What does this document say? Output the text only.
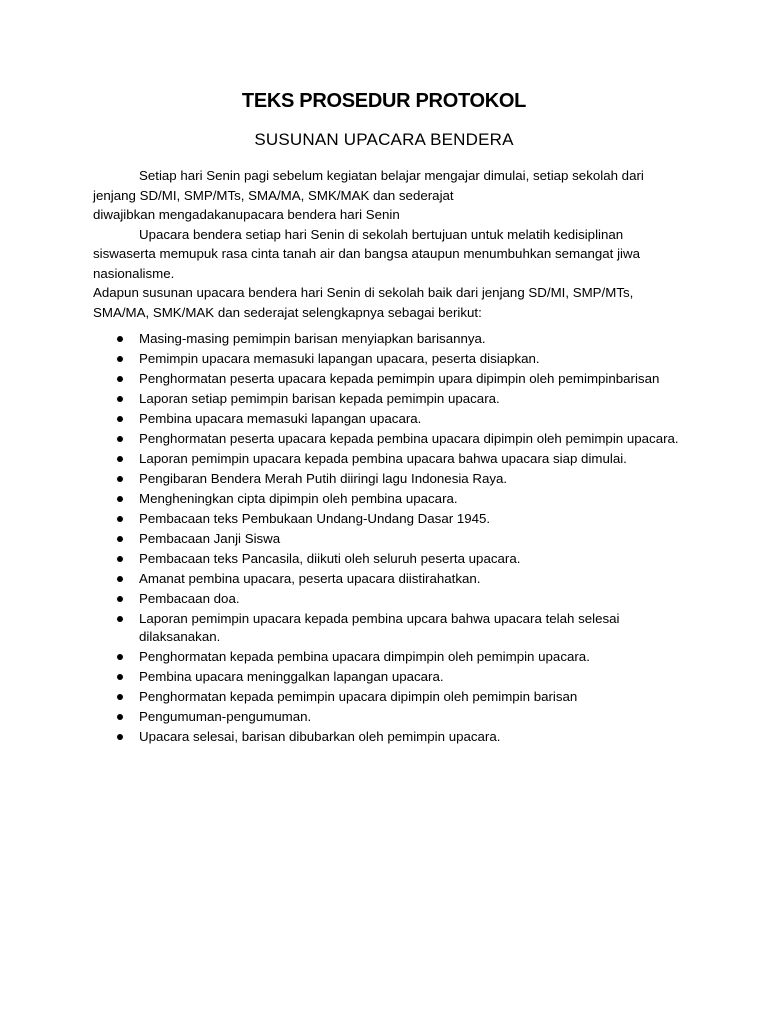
TEKS PROSEDUR PROTOKOL
SUSUNAN UPACARA BENDERA

Setiap hari Senin pagi sebelum kegiatan belajar mengajar dimulai, setiap sekolah dari jenjang SD/MI, SMP/MTs, SMA/MA, SMK/MAK dan sederajat

diwajibkan mengadakanupacara bendera hari Senin

Upacara bendera setiap hari Senin di sekolah bertujuan untuk melatih kedisiplinan siswaserta memupuk rasa cinta tanah air dan bangsa ataupun menumbuhkan semangat jiwa nasionalisme.

Adapun susunan upacara bendera hari Senin di sekolah baik dari jenjang SD/MI, SMP/MTs, SMA/MA, SMK/MAK dan sederajat selengkapnya sebagai berikut:

Masing-masing pemimpin barisan menyiapkan barisannya.
Pemimpin upacara memasuki lapangan upacara, peserta disiapkan.
Penghormatan peserta upacara kepada pemimpin upara dipimpin oleh pemimpinbarisan
Laporan setiap pemimpin barisan kepada pemimpin upacara.
Pembina upacara memasuki lapangan upacara.
Penghormatan peserta upacara kepada pembina upacara dipimpin oleh pemimpin upacara.
Laporan pemimpin upacara kepada pembina upacara bahwa upacara siap dimulai.
Pengibaran Bendera Merah Putih diiringi lagu Indonesia Raya.
Mengheningkan cipta dipimpin oleh pembina upacara.
Pembacaan teks Pembukaan Undang-Undang Dasar 1945.
Pembacaan Janji Siswa
Pembacaan teks Pancasila, diikuti oleh seluruh peserta upacara.
Amanat pembina upacara, peserta upacara diistirahatkan.
Pembacaan doa.
Laporan pemimpin upacara kepada pembina upcara bahwa upacara telah selesai dilaksanakan.
Penghormatan kepada pembina upacara dimpimpin oleh pemimpin upacara.
Pembina upacara meninggalkan lapangan upacara.
Penghormatan kepada pemimpin upacara dipimpin oleh pemimpin barisan
Pengumuman-pengumuman.
Upacara selesai, barisan dibubarkan oleh pemimpin upacara.
